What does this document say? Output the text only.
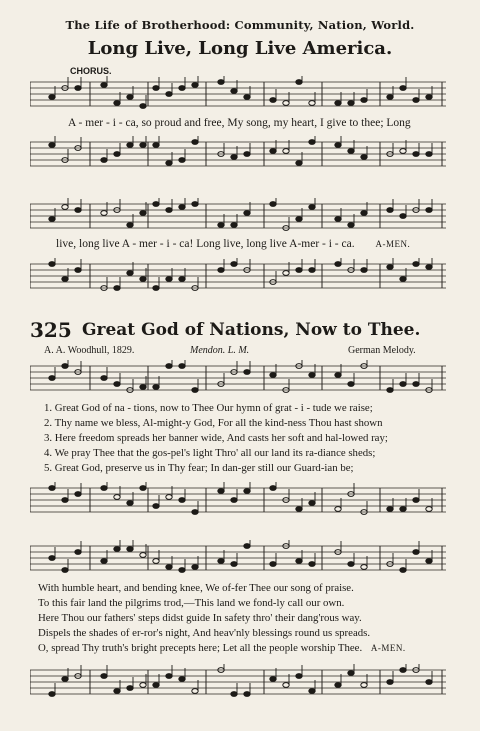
The Life of Brotherhood: Community, Nation, World.
Long Live, Long Live America.
CHORUS.
A - mer - i - ca, so proud and free, My song, my heart, I give to thee; Long
live, long live A - mer - i - ca! Long live, long live A-mer - i - ca. A-MEN.
325 Great God of Nations, Now to Thee.
A. A. Woodhull, 1829.	Mendon. L. M.	German Melody.
1. Great God of na - tions, now to Thee Our hymn of grat - i - tude we raise;
2. Thy name we bless, Al-might-y God, For all the kind-ness Thou hast shown
3. Here freedom spreads her banner wide, And casts her soft and hal-lowed ray;
4. We pray Thee that the gos-pel's light Thro' all our land its ra-diance sheds;
5. Great God, preserve us in Thy fear; In dan-ger still our Guard-ian be;
With humble heart, and bending knee, We of-fer Thee our song of praise.
To this fair land the pilgrims trod,—This land we fond-ly call our own.
Here Thou our fathers' steps didst guide In safety thro' their dang'rous way.
Dispels the shades of er-ror's night, And heav'nly blessings round us spreads.
O, spread Thy truth's bright precepts here; Let all the people worship Thee. A-MEN.
